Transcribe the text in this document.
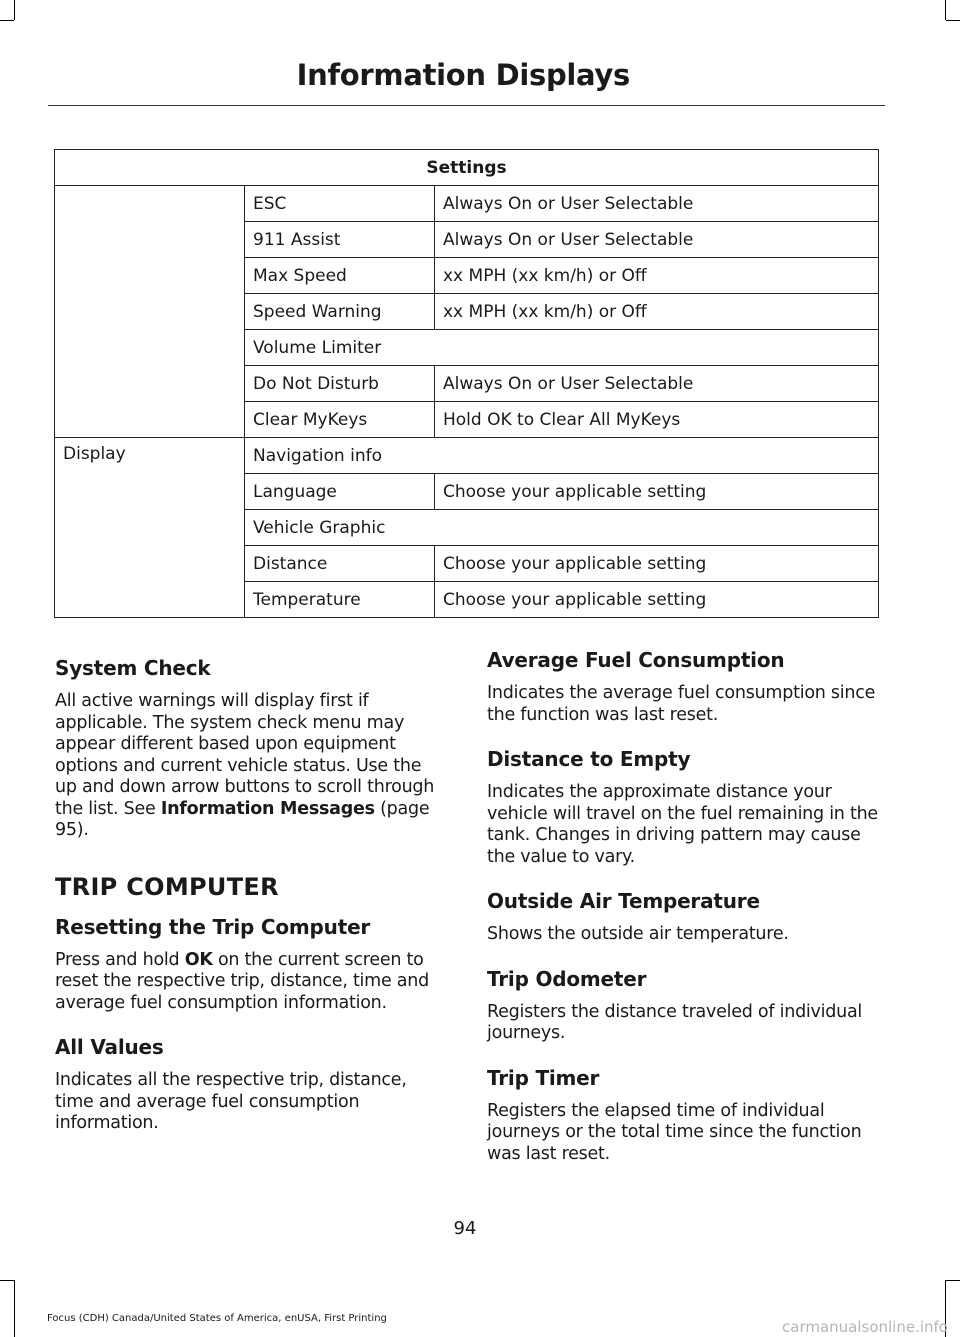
Information Displays
Settings		
	ESC	Always On or User Selectable
	911 Assist	Always On or User Selectable
	Max Speed	xx MPH (xx km/h) or Off
	Speed Warning	xx MPH (xx km/h) or Off
	Volume Limiter	
	Do Not Disturb	Always On or User Selectable
	Clear MyKeys	Hold OK to Clear All MyKeys
Display	Navigation info	
	Language	Choose your applicable setting
	Vehicle Graphic	
	Distance	Choose your applicable setting
	Temperature	Choose your applicable setting
System Check

All active warnings will display first if applicable. The system check menu may appear different based upon equipment options and current vehicle status. Use the up and down arrow buttons to scroll through the list. See Information Messages (page 95).

TRIP COMPUTER
Resetting the Trip Computer

Press and hold OK on the current screen to reset the respective trip, distance, time and average fuel consumption information.

All Values

Indicates all the respective trip, distance, time and average fuel consumption information.

Average Fuel Consumption

Indicates the average fuel consumption since the function was last reset.

Distance to Empty

Indicates the approximate distance your vehicle will travel on the fuel remaining in the tank. Changes in driving pattern may cause the value to vary.

Outside Air Temperature

Shows the outside air temperature.

Trip Odometer

Registers the distance traveled of individual journeys.

Trip Timer

Registers the elapsed time of individual journeys or the total time since the function was last reset.

94
Focus (CDH) Canada/United States of America, enUSA, First Printing	carmanualsonline.info
